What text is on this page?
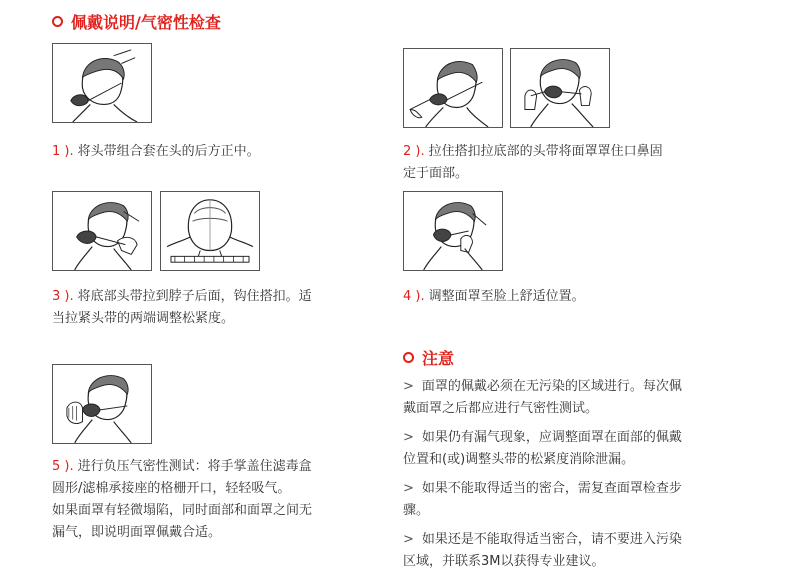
佩戴说明/气密性检查
1 ). 将头带组合套在头的后方正中。	2 ). 拉住搭扣拉底部的头带将面罩罩住口鼻固
定于面部。
3 ). 将底部头带拉到脖子后面，钩住搭扣。适
当拉紧头带的两端调整松紧度。
4 ). 调整面罩至脸上舒适位置。
5 ). 进行负压气密性测试：将手掌盖住滤毒盒
圆形/滤棉承接座的格栅开口，轻轻吸气。
如果面罩有轻微塌陷，同时面部和面罩之间无
漏气，即说明面罩佩戴合适。
注意
> 面罩的佩戴必须在无污染的区域进行。每次佩
戴面罩之后都应进行气密性测试。
> 如果仍有漏气现象，应调整面罩在面部的佩戴
位置和(或)调整头带的松紧度消除泄漏。
> 如果不能取得适当的密合，需复查面罩检查步
骤。
> 如果还是不能取得适当密合，请不要进入污染
区域，并联系3M以获得专业建议。
